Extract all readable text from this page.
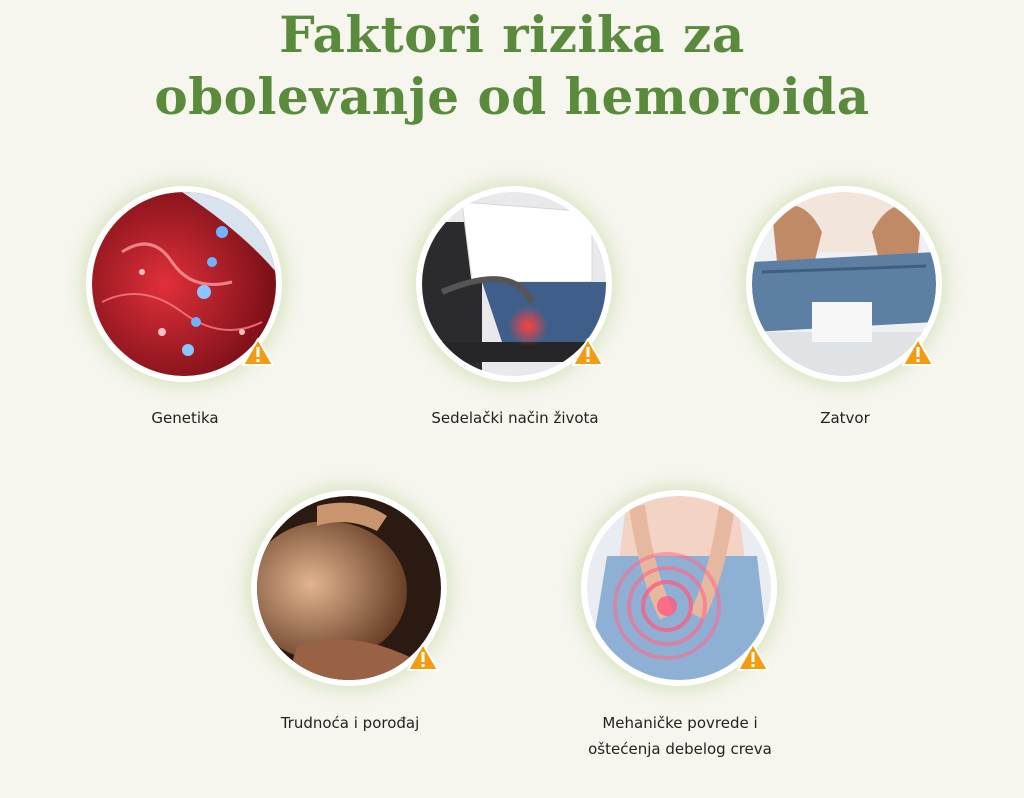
Faktori rizika za
obolevanje od hemoroida
Genetika	Sedelački način života	Zatvor
Trudnoća i porođaj	Mehaničke povrede i
oštećenja debelog creva
